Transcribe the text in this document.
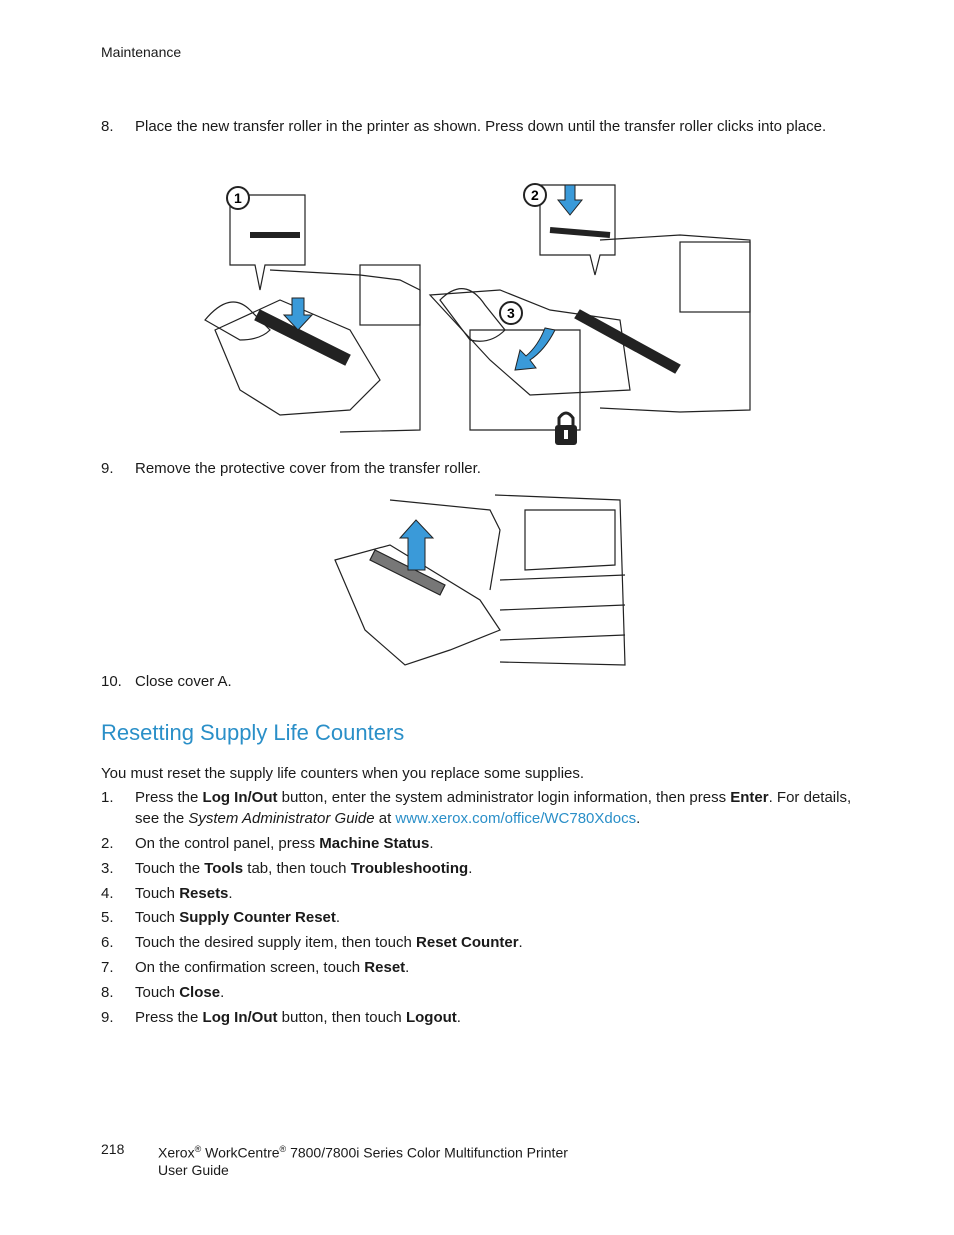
Maintenance
8. Place the new transfer roller in the printer as shown. Press down until the transfer roller clicks into place.
1	2
3
9. Remove the protective cover from the transfer roller.
10. Close cover A.
Resetting Supply Life Counters
You must reset the supply life counters when you replace some supplies.
1. Press the Log In/Out button, enter the system administrator login information, then press Enter. For details, see the System Administrator Guide at www.xerox.com/office/WC780Xdocs.
2. On the control panel, press Machine Status.
3. Touch the Tools tab, then touch Troubleshooting.
4. Touch Resets.
5. Touch Supply Counter Reset.
6. Touch the desired supply item, then touch Reset Counter.
7. On the confirmation screen, touch Reset.
8. Touch Close.
9. Press the Log In/Out button, then touch Logout.
218 Xerox® WorkCentre® 7800/7800i Series Color Multifunction Printer
User Guide
